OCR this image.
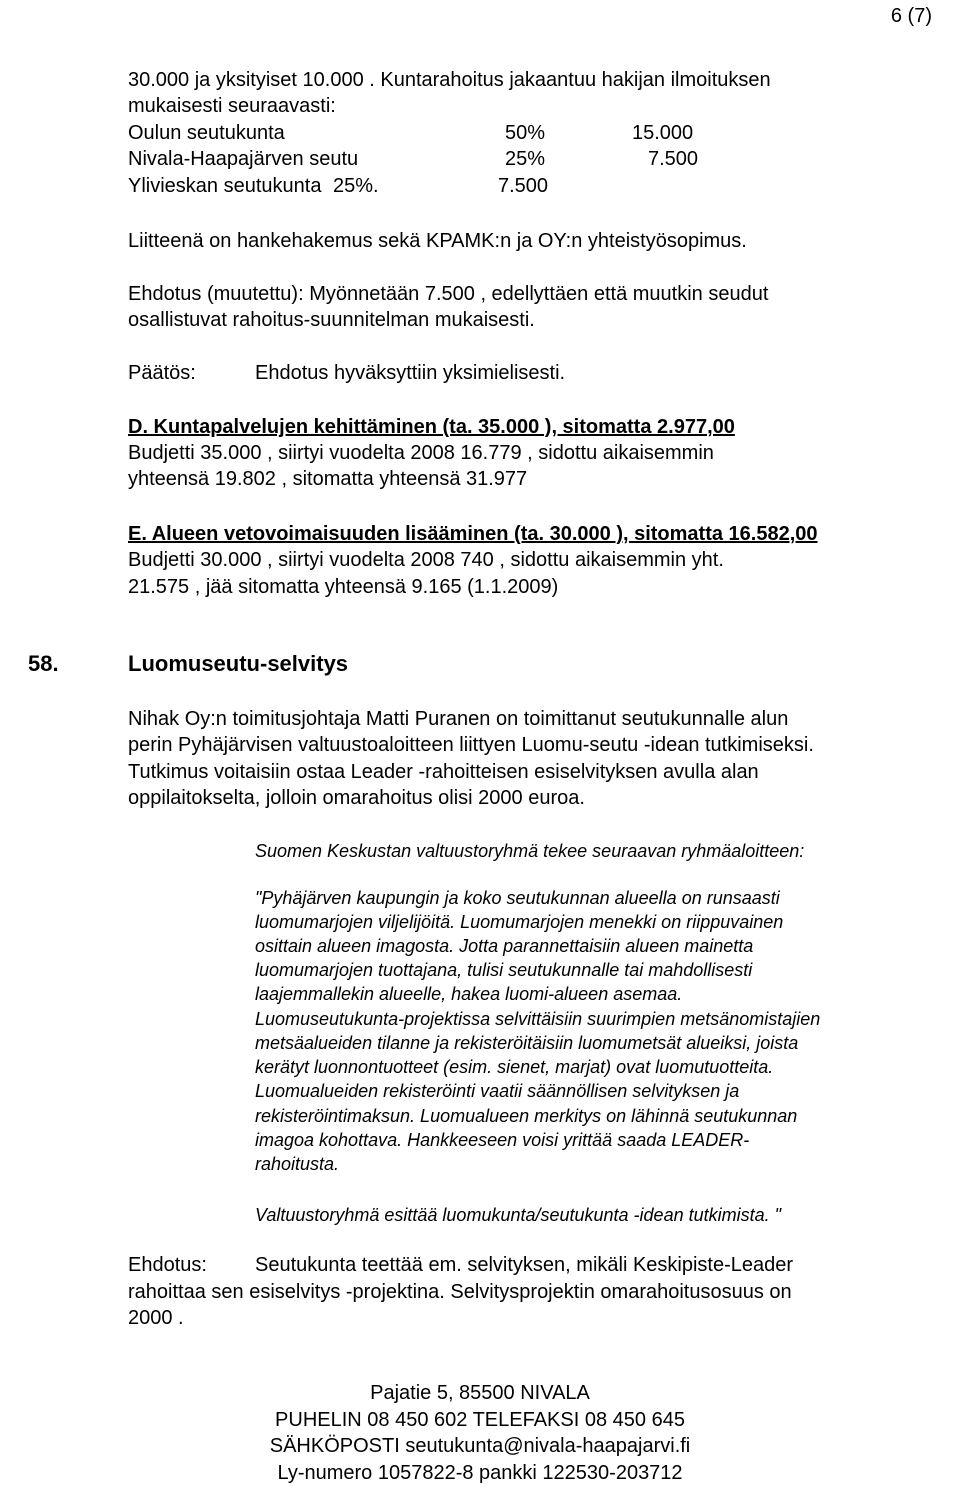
6 (7)
30.000 ja yksityiset 10.000 . Kuntarahoitus jakaantuu hakijan ilmoituksen
mukaisesti seuraavasti:
Oulun seutukunta	50%	15.000
Nivala-Haapajärven seutu	25%	7.500
Ylivieskan seutukunta 25%.	7.500
Liitteenä on hankehakemus sekä KPAMK:n ja OY:n yhteistyösopimus.
Ehdotus (muutettu): Myönnetään 7.500 , edellyttäen että muutkin seudut
osallistuvat rahoitus-suunnitelman mukaisesti.
Päätös:	Ehdotus hyväksyttiin yksimielisesti.
D. Kuntapalvelujen kehittäminen (ta. 35.000 ), sitomatta 2.977,00
Budjetti 35.000 , siirtyi vuodelta 2008 16.779 , sidottu aikaisemmin
yhteensä 19.802 , sitomatta yhteensä 31.977
E. Alueen vetovoimaisuuden lisääminen (ta. 30.000 ), sitomatta 16.582,00
Budjetti 30.000 , siirtyi vuodelta 2008 740 , sidottu aikaisemmin yht.
21.575 , jää sitomatta yhteensä 9.165 (1.1.2009)
58.	Luomuseutu-selvitys
Nihak Oy:n toimitusjohtaja Matti Puranen on toimittanut seutukunnalle alun
perin Pyhäjärvisen valtuustoaloitteen liittyen Luomu-seutu -idean tutkimiseksi.
Tutkimus voitaisiin ostaa Leader -rahoitteisen esiselvityksen avulla alan
oppilaitokselta, jolloin omarahoitus olisi 2000 euroa.
Suomen Keskustan valtuustoryhmä tekee seuraavan ryhmäaloitteen:
"Pyhäjärven kaupungin ja koko seutukunnan alueella on runsaasti
luomumarjojen viljelijöitä. Luomumarjojen menekki on riippuvainen
osittain alueen imagosta. Jotta parannettaisiin alueen mainetta
luomumarjojen tuottajana, tulisi seutukunnalle tai mahdollisesti
laajemmallekin alueelle, hakea luomi-alueen asemaa.
Luomuseutukunta-projektissa selvittäisiin suurimpien metsänomistajien
metsäalueiden tilanne ja rekisteröitäisiin luomumetsät alueiksi, joista
kerätyt luonnontuotteet (esim. sienet, marjat) ovat luomutuotteita.
Luomualueiden rekisteröinti vaatii säännöllisen selvityksen ja
rekisteröintimaksun. Luomualueen merkitys on lähinnä seutukunnan
imagoa kohottava. Hankkeeseen voisi yrittää saada LEADER-
rahoitusta.
Valtuustoryhmä esittää luomukunta/seutukunta -idean tutkimista. "
Ehdotus: Seutukunta teettää em. selvityksen, mikäli Keskipiste-Leader
rahoittaa sen esiselvitys -projektina. Selvitysprojektin omarahoitusosuus on
2000 .
Pajatie 5, 85500 NIVALA
PUHELIN 08 450 602 TELEFAKSI 08 450 645
SÄHKÖPOSTI seutukunta@nivala-haapajarvi.fi
Ly-numero 1057822-8 pankki 122530-203712
